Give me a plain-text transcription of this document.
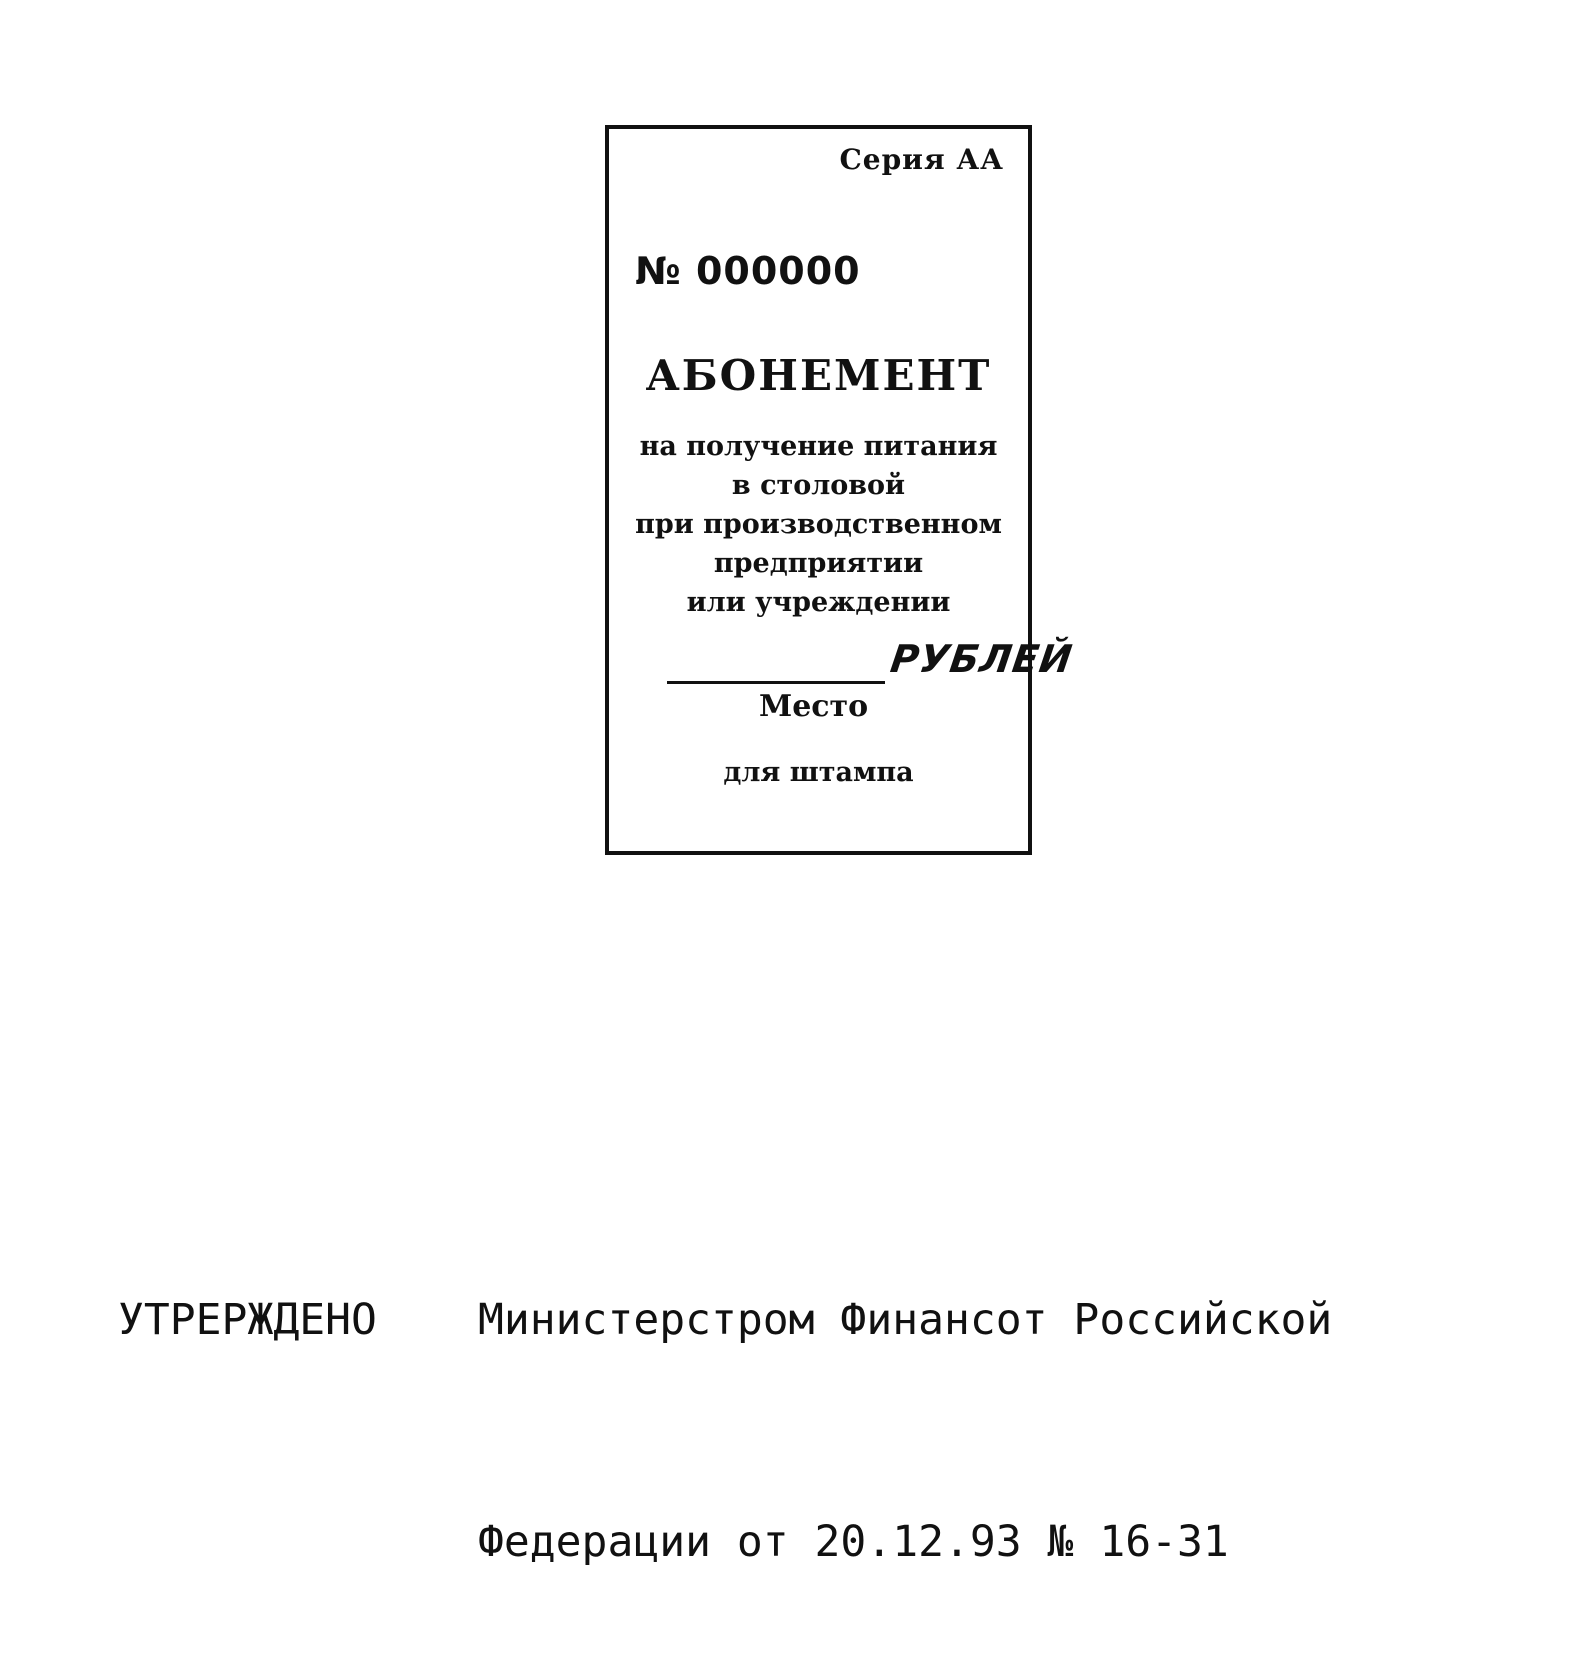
Серия АА
№ 000000
АБОНЕМЕНТ
на получение питания
в столовой
при производственном
предприятии
или учреждении
РУБЛЕЙ
Место
для штампа

УТРЕРЖДЕНО Министерстром Финансот Российской

Федерации от 20.12.93 № 16-31
